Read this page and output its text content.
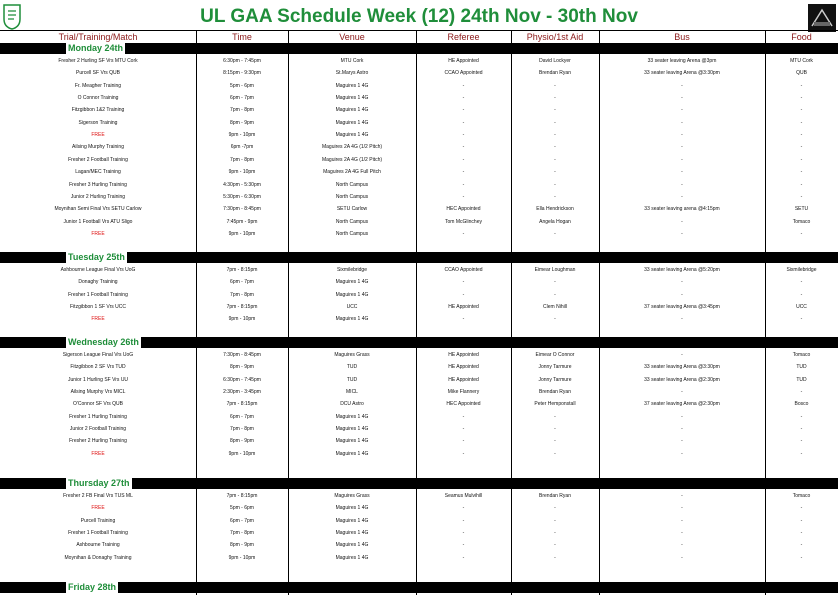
UL GAA Schedule Week (12) 24th Nov - 30th Nov
Trial/Training/Match	Time	Venue	Referee	Physio/1st Aid	Bus	Food
Monday 24th
Fresher 2 Hurling SF Vrs MTU Cork	6:30pm - 7:45pm	MTU Cork	HE Appointed	David Lockyer	33 seater leaving Arena @3pm	MTU Cork
Purcell SF Vrs QUB	8:15pm - 9:30pm	St.Marys Astro	CCAO Appointed	Brendan Ryan	33 seater leaving Arena @3:30pm	QUB
Fr. Meagher Training	5pm - 6pm	Maguires 1 4G	-	-	-	-
O Connor Training	6pm - 7pm	Maguires 1 4G	-	-	-	-
Fitzgibbon 1&2 Training	7pm - 8pm	Maguires 1 4G	-	-	-	-
Sigerson Training	8pm - 9pm	Maguires 1 4G	-	-	-	-
FREE	9pm - 10pm	Maguires 1 4G	-	-	-	-
Ailsing Murphy Training	6pm -7pm	Maguires 2A 4G (1/2 Pitch)	-	-	-	-
Fresher 2 Football Training	7pm - 8pm	Maguires 2A 4G (1/2 Pitch)	-	-	-	-
Lagan/MEC Training	9pm - 10pm	Maguires 2A 4G Full Pitch	-	-	-	-
Fresher 3 Hurling Training	4:30pm - 5:30pm	North Campus	-	-	-	-
Junior 2 Hurling Training	5:30pm - 6:30pm	North Campus	-	-	-	-
Moynihan Semi Final Vrs SETU Carlow	7:30pm - 8:45pm	SETU Carlow	HEC Appointed	Ella Hendrickson	33 seater leaving arena @4:15pm	SETU
Junior 1 Football Vrs ATU Sligo	7:45pm - 9pm	North Campus	Tom McGlinchey	Angela Hogan	-	Tomaco
FREE	9pm - 10pm	North Campus	-	-	-	-
Tuesday 25th
Ashbourne League Final Vrs UoG	7pm - 8:15pm	Sixmilebridge	CCAO Appointed	Eimear Loughman	33 seater leaving Arena @5:20pm	Sixmilebridge
Donaghy Training	6pm - 7pm	Maguires 1 4G	-	-	-	-
Fresher 1 Football Training	7pm - 8pm	Maguires 1 4G	-	-	-	-
Fitzgibbon 1 SF Vrs UCC	7pm - 8:15pm	UCC	HE Appointed	Clem Nihill	37 seater leaving Arena @3:45pm	UCC
FREE	9pm - 10pm	Maguires 1 4G	-	-	-	-
Wednesday 26th
Sigerson League Final Vrs UoG	7:30pm - 8:45pm	Maguires Grass	HE Appointed	Eimear O Connor	-	Tomaco
Fitzgibbon 2 SF Vrs TUD	8pm - 9pm	TUD	HE Appointed	Jonny Tarmure	33 seater leaving Arena @3:30pm	TUD
Junior 1 Hurling SF Vrs UU	6:30pm - 7:45pm	TUD	HE Appointed	Jonny Tarmure	33 seater leaving Arena @2:30pm	TUD
Ailsing Murphy Vrs MICL	2:30pm - 3:45pm	MICL	Mike Flannery	Brendan Ryan	-	-
O'Connor SF Vrs QUB	7pm - 8:15pm	DCU Astro	HEC Appointed	Peter Hemponstall	37 seater leaving Arena @2:30pm	Bosco
Fresher 1 Hurling Training	6pm - 7pm	Maguires 1 4G	-	-	-	-
Junior 2 Football Training	7pm - 8pm	Maguires 1 4G	-	-	-	-
Fresher 2 Hurling Training	8pm - 9pm	Maguires 1 4G	-	-	-	-
FREE	9pm - 10pm	Maguires 1 4G	-	-	-	-
Thursday 27th
Fresher 2 FB Final Vrs TUS ML	7pm - 8:15pm	Maguires Grass	Seamus Mulvihill	Brendan Ryan	-	Tomaco
FREE	5pm - 6pm	Maguires 1 4G	-	-	-	-
Purcell Training	6pm - 7pm	Maguires 1 4G	-	-	-	-
Fresher 1 Football Training	7pm - 8pm	Maguires 1 4G	-	-	-	-
Ashbourne Training	8pm - 9pm	Maguires 1 4G	-	-	-	-
Moynihan & Donaghy Training	9pm - 10pm	Maguires 1 4G	-	-	-	-
Friday 28th
